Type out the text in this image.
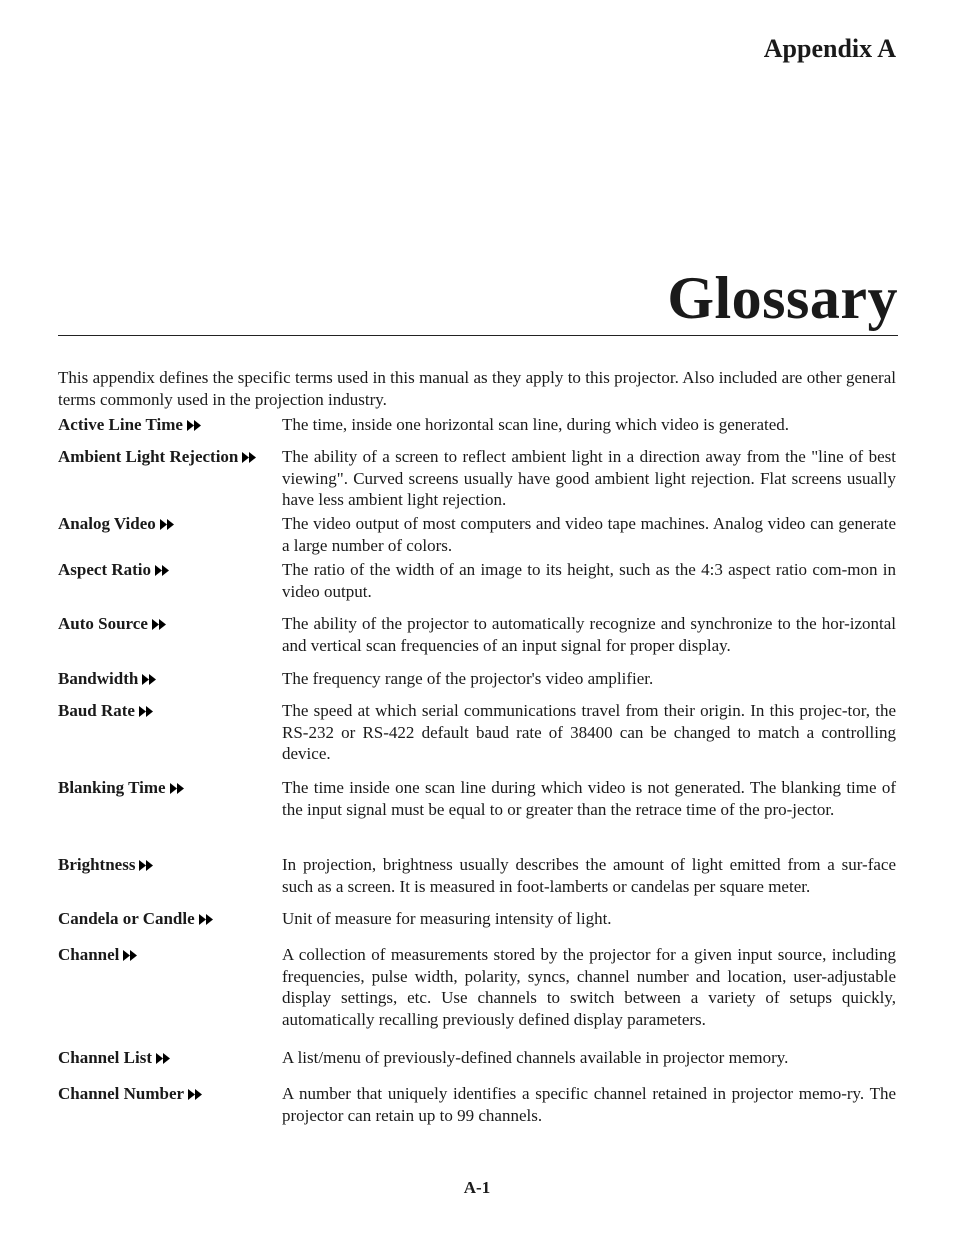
Appendix A
Glossary

This appendix defines the specific terms used in this manual as they apply to this projector. Also included are other general terms commonly used in the projection industry.

Active Line Time	The time, inside one horizontal scan line, during which video is generated.

Ambient Light Rejection	The ability of a screen to reflect ambient light in a direction away from the "line of best viewing". Curved screens usually have good ambient light rejection. Flat screens usually have less ambient light rejection.

Analog Video	The video output of most computers and video tape machines. Analog video can generate a large number of colors.

Aspect Ratio	The ratio of the width of an image to its height, such as the 4:3 aspect ratio com-mon in video output.

Auto Source	The ability of the projector to automatically recognize and synchronize to the hor-izontal and vertical scan frequencies of an input signal for proper display.

Bandwidth	The frequency range of the projector's video amplifier.

Baud Rate	The speed at which serial communications travel from their origin. In this projec-tor, the RS-232 or RS-422 default baud rate of 38400 can be changed to match a controlling device.

Blanking Time	The time inside one scan line during which video is not generated. The blanking time of the input signal must be equal to or greater than the retrace time of the pro-jector.

Brightness	In projection, brightness usually describes the amount of light emitted from a sur-face such as a screen. It is measured in foot-lamberts or candelas per square meter.

Candela or Candle	Unit of measure for measuring intensity of light.

Channel	A collection of measurements stored by the projector for a given input source, including frequencies, pulse width, polarity, syncs, channel number and location, user-adjustable display settings, etc. Use channels to switch between a variety of setups quickly, automatically recalling previously defined display parameters.

Channel List	A list/menu of previously-defined channels available in projector memory.

Channel Number	A number that uniquely identifies a specific channel retained in projector memo-ry. The projector can retain up to 99 channels.

A-1
